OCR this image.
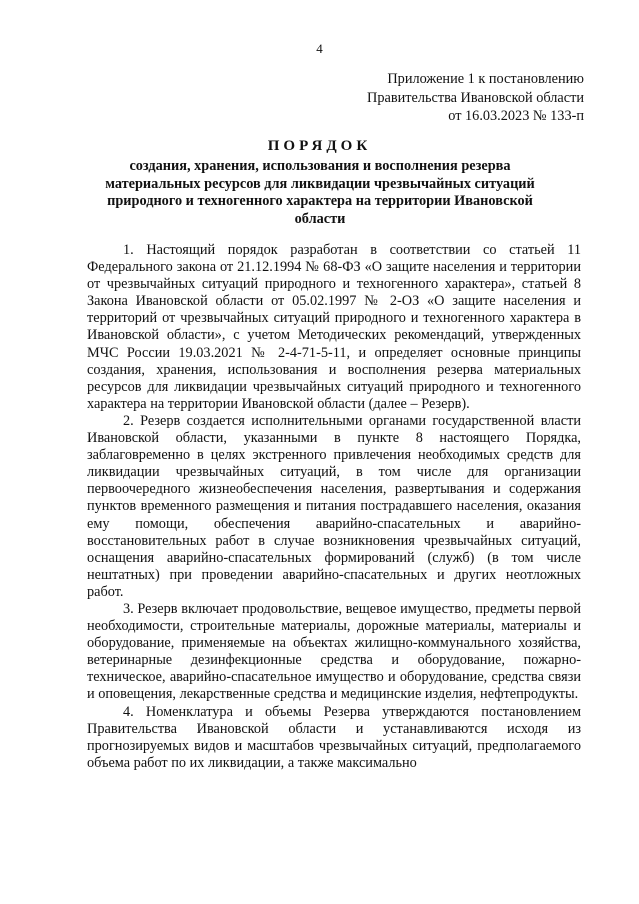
4
Приложение 1 к постановлению
Правительства Ивановской области
от 16.03.2023 № 133-п
ПОРЯДОК
создания, хранения, использования и восполнения резерва материальных ресурсов для ликвидации чрезвычайных ситуаций природного и техногенного характера на территории Ивановской области

1. Настоящий порядок разработан в соответствии со статьей 11 Федерального закона от 21.12.1994 № 68-ФЗ «О защите населения и территории от чрезвычайных ситуаций природного и техногенного характера», статьей 8 Закона Ивановской области от 05.02.1997 № 2-ОЗ «О защите населения и территорий от чрезвычайных ситуаций природного и техногенного характера в Ивановской области», с учетом Методических рекомендаций, утвержденных МЧС России 19.03.2021 № 2-4-71-5-11, и определяет основные принципы создания, хранения, использования и восполнения резерва материальных ресурсов для ликвидации чрезвычайных ситуаций природного и техногенного характера на территории Ивановской области (далее – Резерв).

2. Резерв создается исполнительными органами государственной власти Ивановской области, указанными в пункте 8 настоящего Порядка, заблаговременно в целях экстренного привлечения необходимых средств для ликвидации чрезвычайных ситуаций, в том числе для организации первоочередного жизнеобеспечения населения, развертывания и содержания пунктов временного размещения и питания пострадавшего населения, оказания ему помощи, обеспечения аварийно-спасательных и аварийно-восстановительных работ в случае возникновения чрезвычайных ситуаций, оснащения аварийно-спасательных формирований (служб) (в том числе нештатных) при проведении аварийно-спасательных и других неотложных работ.

3. Резерв включает продовольствие, вещевое имущество, предметы первой необходимости, строительные материалы, дорожные материалы, материалы и оборудование, применяемые на объектах жилищно-коммунального хозяйства, ветеринарные дезинфекционные средства и оборудование, пожарно-техническое, аварийно-спасательное имущество и оборудование, средства связи и оповещения, лекарственные средства и медицинские изделия, нефтепродукты.

4. Номенклатура и объемы Резерва утверждаются постановлением Правительства Ивановской области и устанавливаются исходя из прогнозируемых видов и масштабов чрезвычайных ситуаций, предполагаемого объема работ по их ликвидации, а также максимально
